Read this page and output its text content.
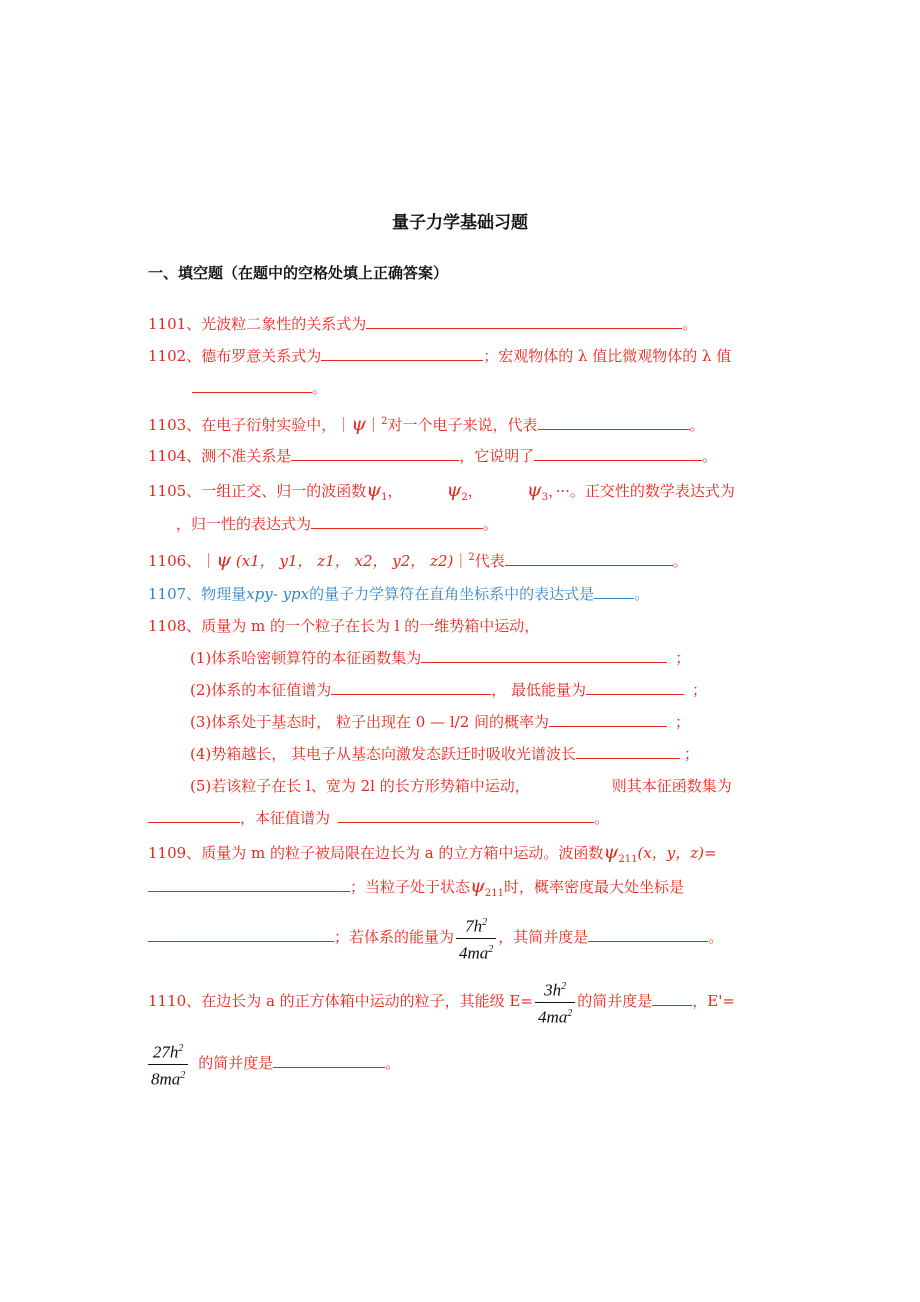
量子力学基础习题
一、填空题（在题中的空格处填上正确答案）
1101、光波粒二象性的关系式为	。
1102、德布罗意关系式为	；宏观物体的 λ 值比微观物体的 λ 值
。
1103、在电子衍射实验中，｜ψ｜$^2$对一个电子来说，代表	。
1104、测不准关系是	，它说明了	。
1105、一组正交、归一的波函数$\psi_1$， $\psi_2$， $\psi_3$，···。正交性的数学表达式为
，归一性的表达式为	。
1106、｜ψ (x1， y1， z1， x2， y2， z2)｜$^2$代表	。
1107、物理量xpy- ypx的量子力学算符在直角坐标系中的表达式是	。
1108、质量为 m 的一个粒子在长为 l 的一维势箱中运动，
(1)体系哈密顿算符的本征函数集为	；
(2)体系的本征值谱为	， 最低能量为	；
(3)体系处于基态时， 粒子出现在 0 — l/2 间的概率为	；
(4)势箱越长， 其电子从基态向激发态跃迁时吸收光谱波长	；
(5)若该粒子在长 l、宽为 2l 的长方形势箱中运动，	则其本征函数集为
，本征值谱为	。
1109、质量为 m 的粒子被局限在边长为 a 的立方箱中运动。波函数$\psi_{211}(x$，y，z)=
；当粒子处于状态$\psi_{211}$时，概率密度最大处坐标是
；若体系的能量为 $\frac{7h^2}{4ma^2}$ ，其简并度是	。
1110、在边长为 a 的正方体箱中运动的粒子，其能级 $E= \frac{3h^2}{4ma^2}$ 的简并度是	，E'=
$\frac{27h^2}{8ma^2}$ 的简并度是	。
